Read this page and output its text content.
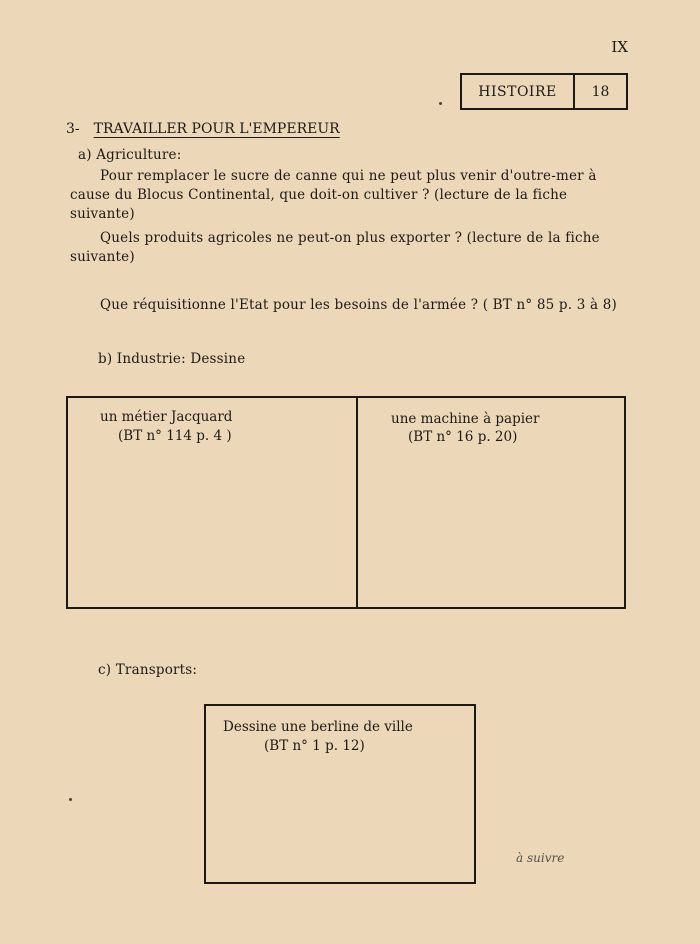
IX
HISTOIRE	18
3- TRAVAILLER POUR L'EMPEREUR
a) Agriculture:
Pour remplacer le sucre de canne qui ne peut plus venir d'outre-mer à cause du Blocus Continental, que doit-on cultiver ? (lecture de la fiche suivante)
Quels produits agricoles ne peut-on plus exporter ? (lecture de la fiche suivante)
Que réquisitionne l'Etat pour les besoins de l'armée ? ( BT n° 85 p. 3 à 8)
b) Industrie: Dessine
un métier Jacquard
(BT n° 114 p. 4 )
une machine à papier
(BT n° 16 p. 20)
c) Transports:
Dessine une berline de ville
(BT n° 1 p. 12)
à suivre
